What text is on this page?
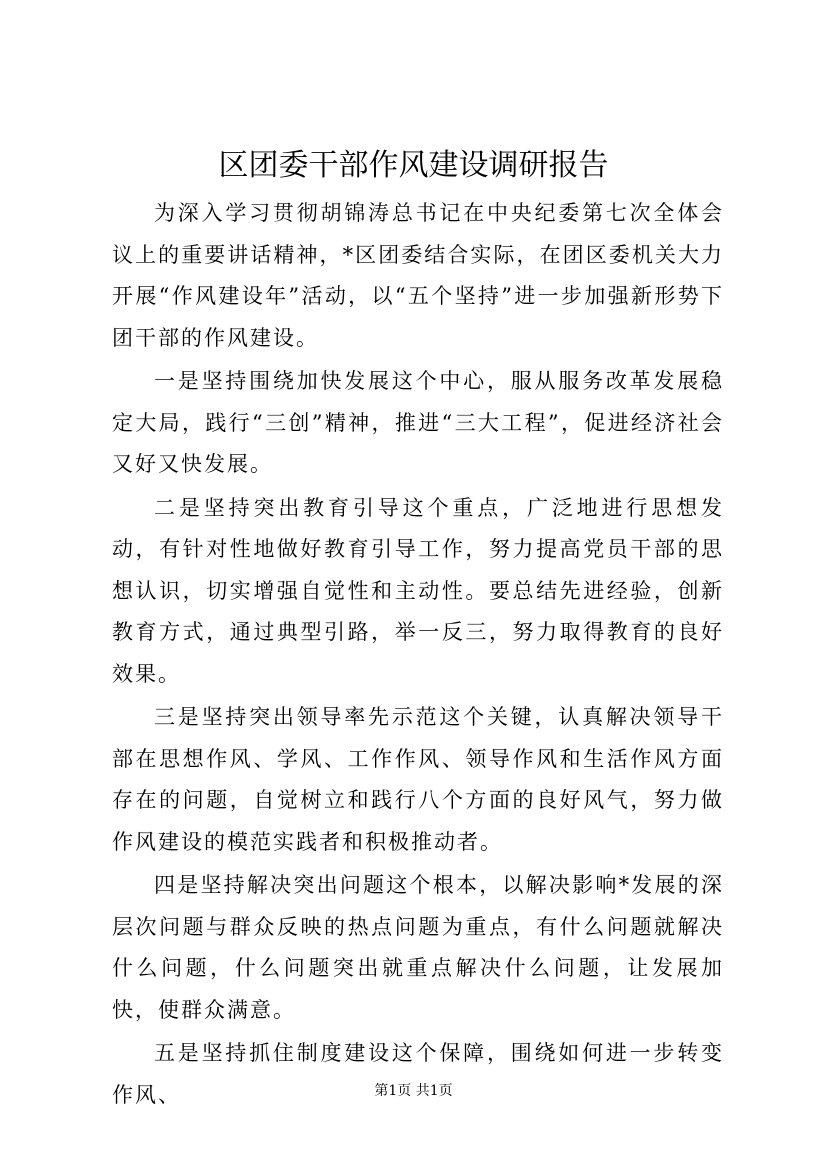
区团委干部作风建设调研报告

为深入学习贯彻胡锦涛总书记在中央纪委第七次全体会议上的重要讲话精神，*区团委结合实际，在团区委机关大力开展“作风建设年”活动，以“五个坚持”进一步加强新形势下团干部的作风建设。

一是坚持围绕加快发展这个中心，服从服务改革发展稳定大局，践行“三创”精神，推进“三大工程”，促进经济社会又好又快发展。

二是坚持突出教育引导这个重点，广泛地进行思想发动，有针对性地做好教育引导工作，努力提高党员干部的思想认识，切实增强自觉性和主动性。要总结先进经验，创新教育方式，通过典型引路，举一反三，努力取得教育的良好效果。

三是坚持突出领导率先示范这个关键，认真解决领导干部在思想作风、学风、工作作风、领导作风和生活作风方面存在的问题，自觉树立和践行八个方面的良好风气，努力做作风建设的模范实践者和积极推动者。

四是坚持解决突出问题这个根本，以解决影响*发展的深层次问题与群众反映的热点问题为重点，有什么问题就解决什么问题，什么问题突出就重点解决什么问题，让发展加快，使群众满意。

五是坚持抓住制度建设这个保障，围绕如何进一步转变作风、	第1页 共1页
